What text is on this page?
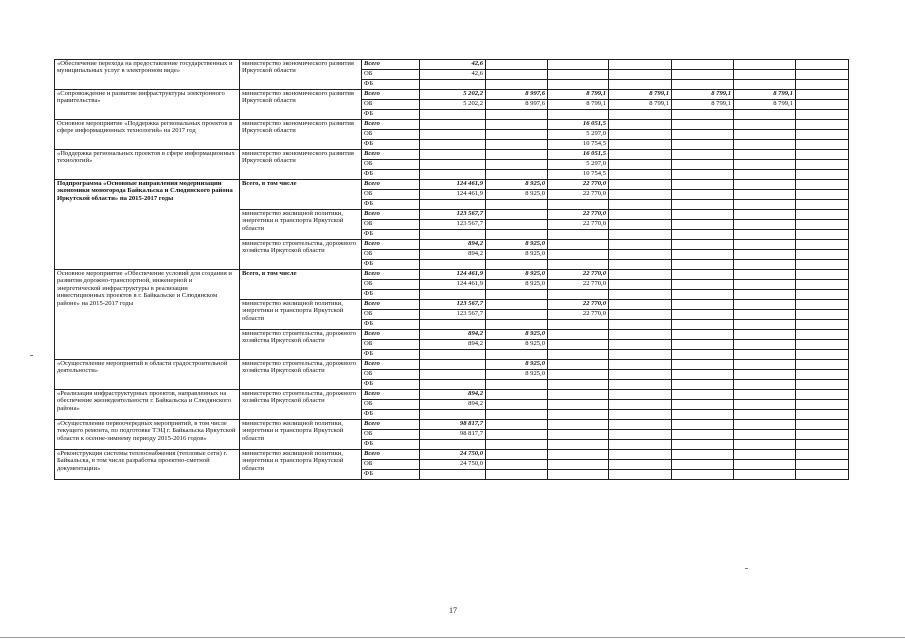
«Обеспечение перехода на предоставление государственных и муниципальных услуг в электронном виде»	министерство экономического развития Иркутской области	Всего	42,6						
		ОБ	42,6						
		ФБ							
«Сопровождение и развитие инфраструктуры электронного правительства»	министерство экономического развития Иркутской области	Всего	5 202,2	8 997,6	8 799,1	8 799,1	8 799,1	8 799,1	
		ОБ	5 202,2	8 997,6	8 799,1	8 799,1	8 799,1	8 799,1	
		ФБ							
Основное мероприятие «Поддержка региональных проектов в сфере информационных технологий» на 2017 год	министерство экономического развития Иркутской области	Всего			16 051,5				
		ОБ			5 297,0				
		ФБ			10 754,5				
«Поддержка региональных проектов в сфере информационных технологий»	министерство экономического развития Иркутской области	Всего			16 051,5				
		ОБ			5 297,0				
		ФБ			10 754,5				
Подпрограмма «Основные направления модернизации экономики моногорода Байкальска и Слюдянского района Иркутской области» на 2015-2017 годы	Всего, в том числе	Всего	124 461,9	8 925,0	22 770,0				
		ОБ	124 461,9	8 925,0	22 770,0				
		ФБ							
	министерство жилищной политики, энергетики и транспорта Иркутской области	Всего	123 567,7		22 770,0				
		ОБ	123 567,7		22 770,0				
		ФБ							
	министерство строительства, дорожного хозяйства Иркутской области	Всего	894,2	8 925,0					
		ОБ	894,2	8 925,0					
		ФБ							
Основное мероприятие «Обеспечение условий для создания и развития дорожно-транспортной, инженерной и энергетической инфраструктуры в реализации инвестиционных проектов в г. Байкальске и Слюдянском районе» на 2015-2017 годы	Всего, в том числе	Всего	124 461,9	8 925,0	22 770,0				
		ОБ	124 461,9	8 925,0	22 770,0				
		ФБ							
	министерство жилищной политики, энергетики и транспорта Иркутской области	Всего	123 567,7		22 770,0				
		ОБ	123 567,7		22 770,0				
		ФБ							
	министерство строительства, дорожного хозяйства Иркутской области	Всего	894,2	8 925,0					
		ОБ	894,2	8 925,0					
		ФБ							
«Осуществление мероприятий в области градостроительной деятельности»	министерство строительства, дорожного хозяйства Иркутской области	Всего		8 925,0					
		ОБ		8 925,0					
		ФБ							
«Реализация инфраструктурных проектов, направленных на обеспечение жизнедеятельности г. Байкальска и Слюдянского района»	министерство строительства, дорожного хозяйства Иркутской области	Всего	894,2						
		ОБ	894,2						
		ФБ							
«Осуществление первоочередных мероприятий, в том числе текущего ремонта, по подготовке ТЭЦ г. Байкальска Иркутской области к осенне-зимнему периоду 2015-2016 годов»	министерство жилищной политики, энергетики и транспорта Иркутской области	Всего	98 817,7						
		ОБ	98 817,7						
		ФБ							
«Реконструкция системы теплоснабжения (тепловые сети) г. Байкальска, в том числе разработка проектно-сметной документации»	министерство жилищной политики, энергетики и транспорта Иркутской области	Всего	24 750,0						
		ОБ	24 750,0						
		ФБ							
17
